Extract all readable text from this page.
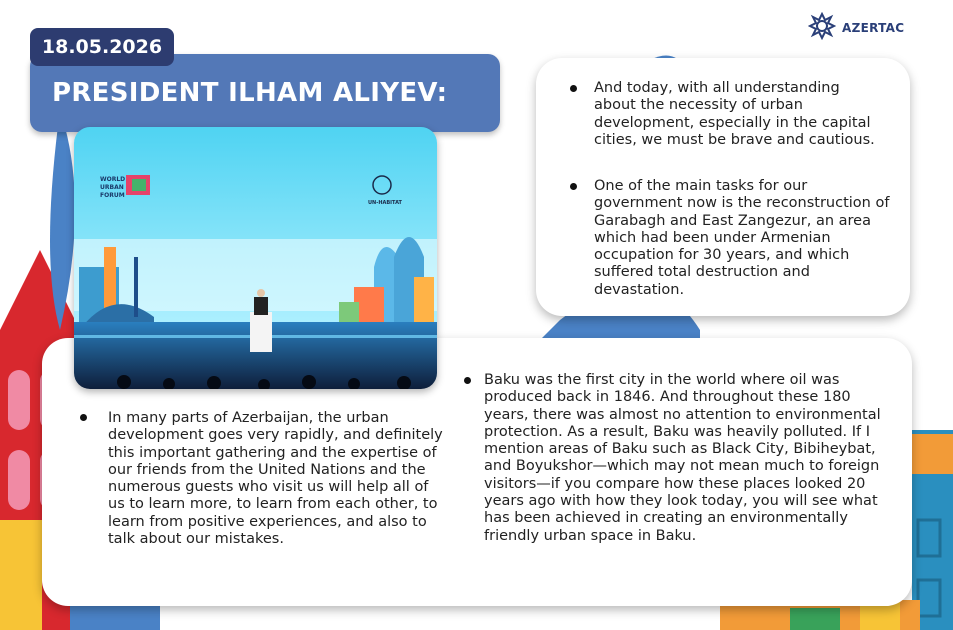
AZERTAC
18.05.2026
PRESIDENT ILHAM ALIYEV:
WORLD
URBAN
FORUM
UN-HABITAT
And today, with all understanding about the necessity of urban development, especially in the capital cities, we must be brave and cautious.
One of the main tasks for our government now is the reconstruction of Garabagh and East Zangezur, an area which had been under Armenian occupation for 30 years, and which suffered total destruction and devastation.
In many parts of Azerbaijan, the urban development goes very rapidly, and definitely this important gathering and the expertise of our friends from the United Nations and the numerous guests who visit us will help all of us to learn more, to learn from each other, to learn from positive experiences, and also to talk about our mistakes.
Baku was the first city in the world where oil was produced back in 1846. And throughout these 180 years, there was almost no attention to environmental protection. As a result, Baku was heavily polluted. If I mention areas of Baku such as Black City, Bibiheybat, and Boyukshor—which may not mean much to foreign visitors—if you compare how these places looked 20 years ago with how they look today, you will see what has been achieved in creating an environmentally friendly urban space in Baku.
